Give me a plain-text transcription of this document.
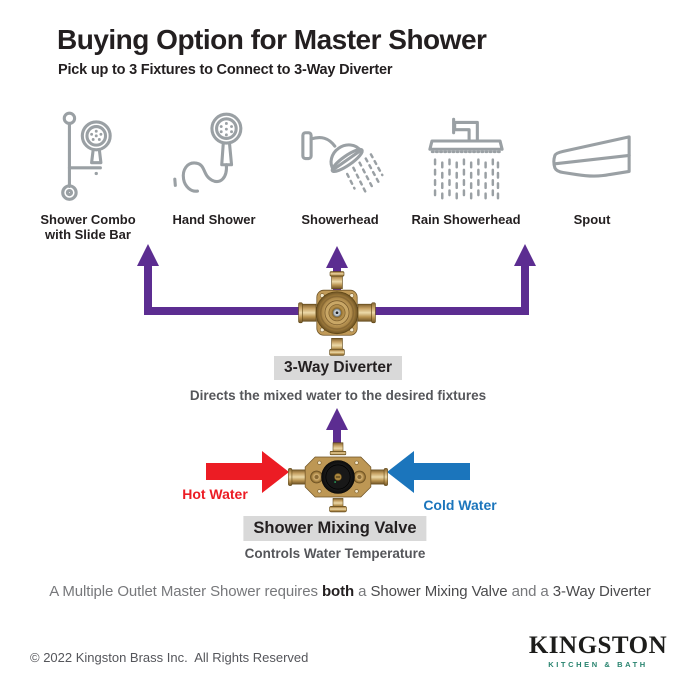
Buying Option for Master Shower
Pick up to 3 Fixtures to Connect to 3-Way Diverter
Shower Combo with Slide Bar
Hand Shower	Showerhead	Rain Showerhead	Spout
3-Way Diverter
Directs the mixed water to the desired fixtures
Hot Water
Cold Water
Shower Mixing Valve
Controls Water Temperature
A Multiple Outlet Master Shower requires both a Shower Mixing Valve and a 3-Way Diverter
© 2022 Kingston Brass Inc.  All Rights Reserved	KINGSTON
KITCHEN & BATH
